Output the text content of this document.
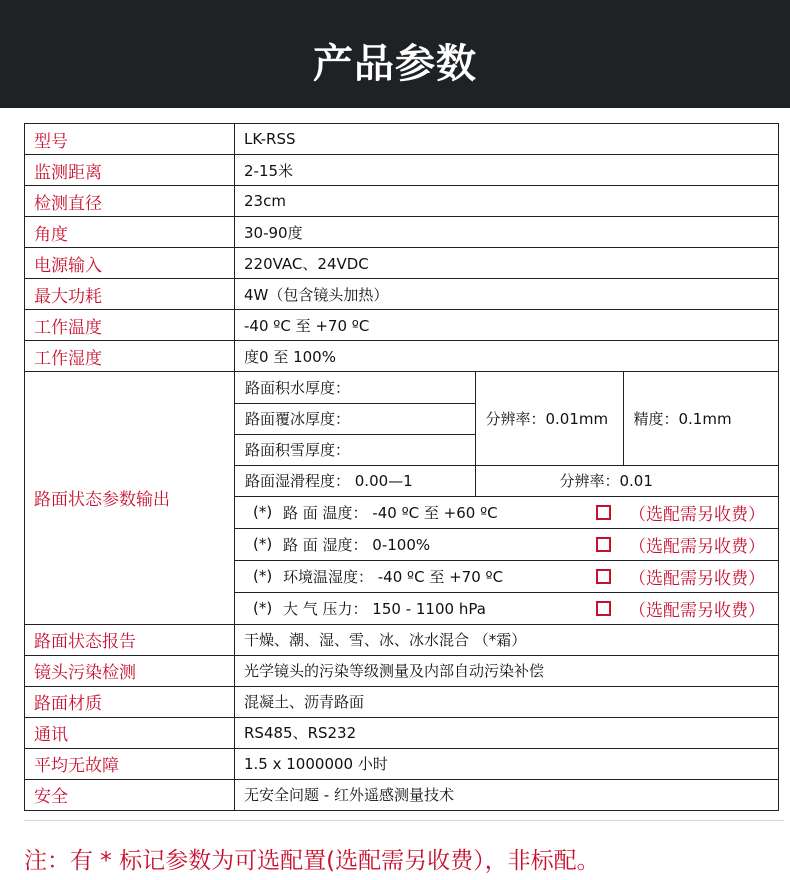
产品参数
型号	LK-RSS
监测距离	2-15米
检测直径	23cm
角度	30-90度
电源输入	220VAC、24VDC
最大功耗	4W（包含镜头加热）
工作温度	-40 ºC 至 +70 ºC
工作湿度	度0 至 100%
路面状态参数输出	
路面积水厚度：	分辨率：0.01mm	精度：0.1mm
路面覆冰厚度：
路面积雪厚度：
路面湿滑程度： 0.00—1	分辨率：0.01

(*) 路 面 温度： -40 ºC 至 +60 ºC	（选配需另收费）

(*) 路 面 湿度： 0-100%	（选配需另收费）

(*) 环境温湿度： -40 ºC 至 +70 ºC	（选配需另收费）

(*) 大 气 压力： 150 - 1100 hPa	（选配需另收费）

路面状态报告	干燥、潮、湿、雪、冰、冰水混合 （*霜）
镜头污染检测	光学镜头的污染等级测量及内部自动污染补偿
路面材质	混凝土、沥青路面
通讯	RS485、RS232
平均无故障	1.5 x 1000000 小时
安全	无安全问题 - 红外遥感测量技术
注：有 * 标记参数为可选配置(选配需另收费），非标配。
